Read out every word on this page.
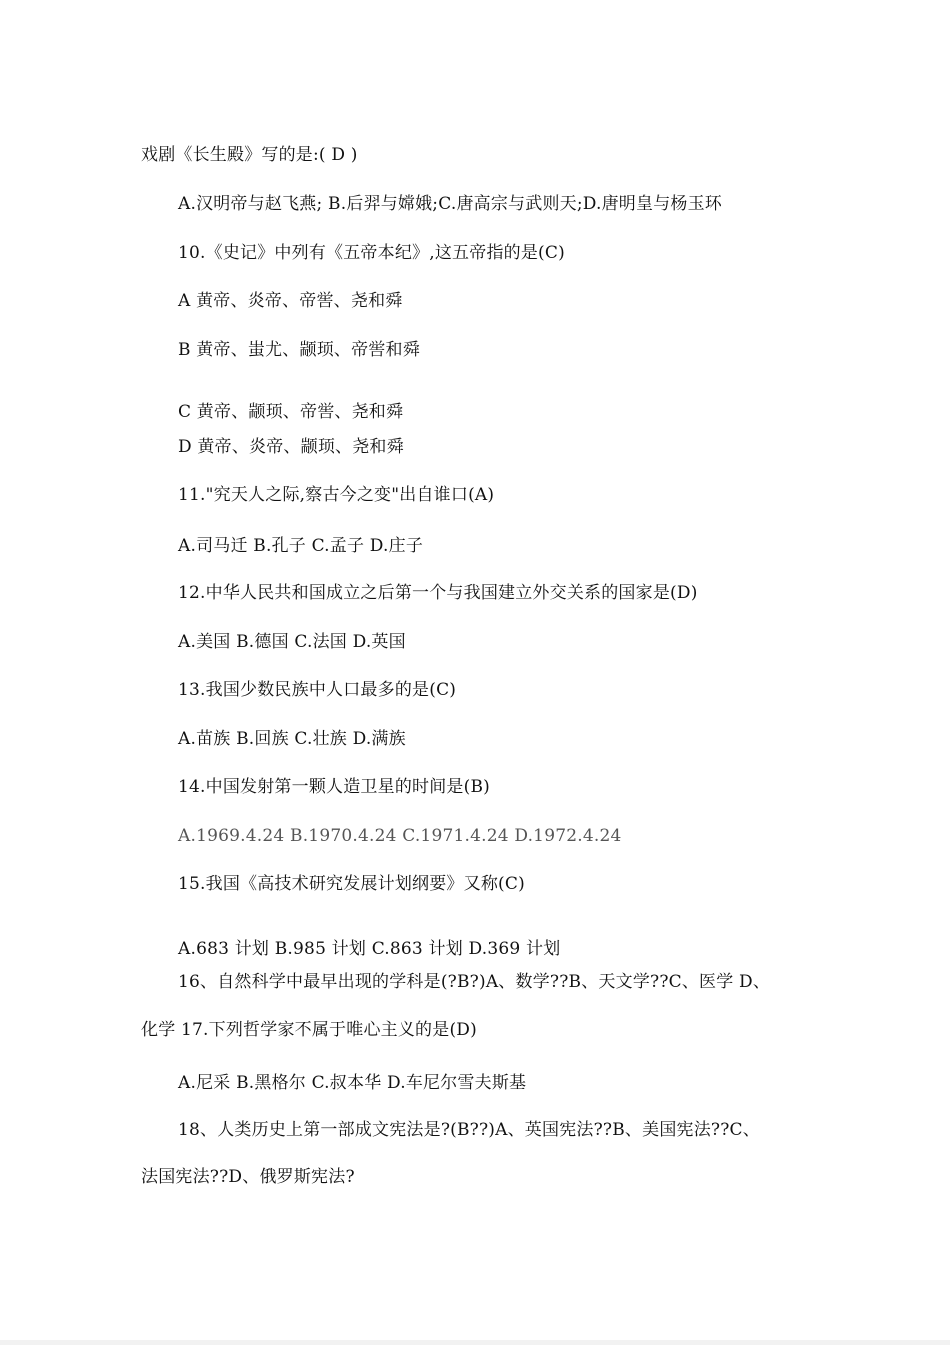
戏剧《长生殿》写的是:( D )
A.汉明帝与赵飞燕; B.后羿与嫦娥;C.唐高宗与武则天;D.唐明皇与杨玉环
10.《史记》中列有《五帝本纪》,这五帝指的是(C)
A 黄帝、炎帝、帝喾、尧和舜
B 黄帝、蚩尤、颛顼、帝喾和舜
C 黄帝、颛顼、帝喾、尧和舜
D 黄帝、炎帝、颛顼、尧和舜
11."究天人之际,察古今之变"出自谁口(A)
A.司马迁 B.孔子 C.孟子 D.庄子
12.中华人民共和国成立之后第一个与我国建立外交关系的国家是(D)
A.美国 B.德国 C.法国 D.英国
13.我国少数民族中人口最多的是(C)
A.苗族 B.回族 C.壮族 D.满族
14.中国发射第一颗人造卫星的时间是(B)
A.1969.4.24 B.1970.4.24 C.1971.4.24 D.1972.4.24
15.我国《高技术研究发展计划纲要》又称(C)
A.683 计划 B.985 计划 C.863 计划 D.369 计划
16、自然科学中最早出现的学科是(?B?)A、数学??B、天文学??C、医学 D、
化学 17.下列哲学家不属于唯心主义的是(D)
A.尼采 B.黑格尔 C.叔本华 D.车尼尔雪夫斯基
18、人类历史上第一部成文宪法是?(B??)A、英国宪法??B、美国宪法??C、
法国宪法??D、俄罗斯宪法?
